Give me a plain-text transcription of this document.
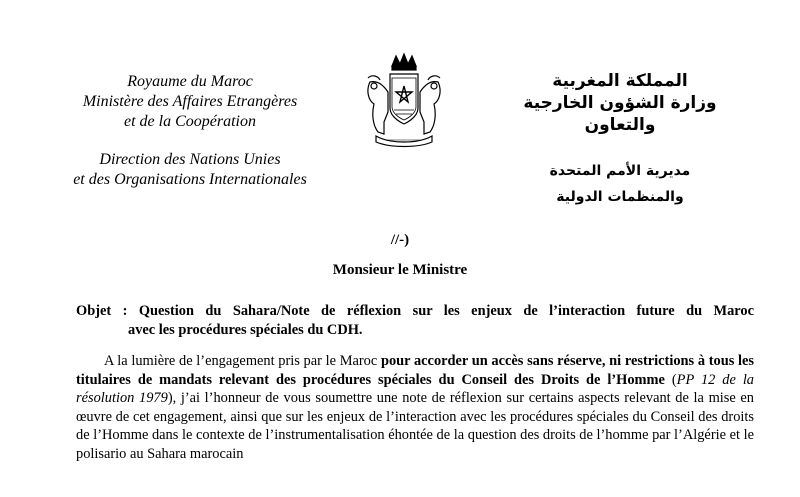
Royaume du Maroc
Ministère des Affaires Etrangères
et de la Coopération
Direction des Nations Unies
et des Organisations Internationales
المملكة المغربية
وزارة الشؤون الخارجية
والتعاون
مديرية الأمم المتحدة
والمنظمات الدولية
//-)
Monsieur le Ministre
Objet : Question du Sahara/Note de réflexion sur les enjeux de l’interaction future du Maroc
avec les procédures spéciales du CDH.
A la lumière de l’engagement pris par le Maroc pour accorder un accès sans réserve, ni restrictions à tous les titulaires de mandats relevant des procédures spéciales du Conseil des Droits de l’Homme (PP 12 de la résolution 1979), j’ai l’honneur de vous soumettre une note de réflexion sur certains aspects relevant de la mise en œuvre de cet engagement, ainsi que sur les enjeux de l’interaction avec les procédures spéciales du Conseil des droits de l’Homme dans le contexte de l’instrumentalisation éhontée de la question des droits de l’homme par l’Algérie et le polisario au Sahara marocain
